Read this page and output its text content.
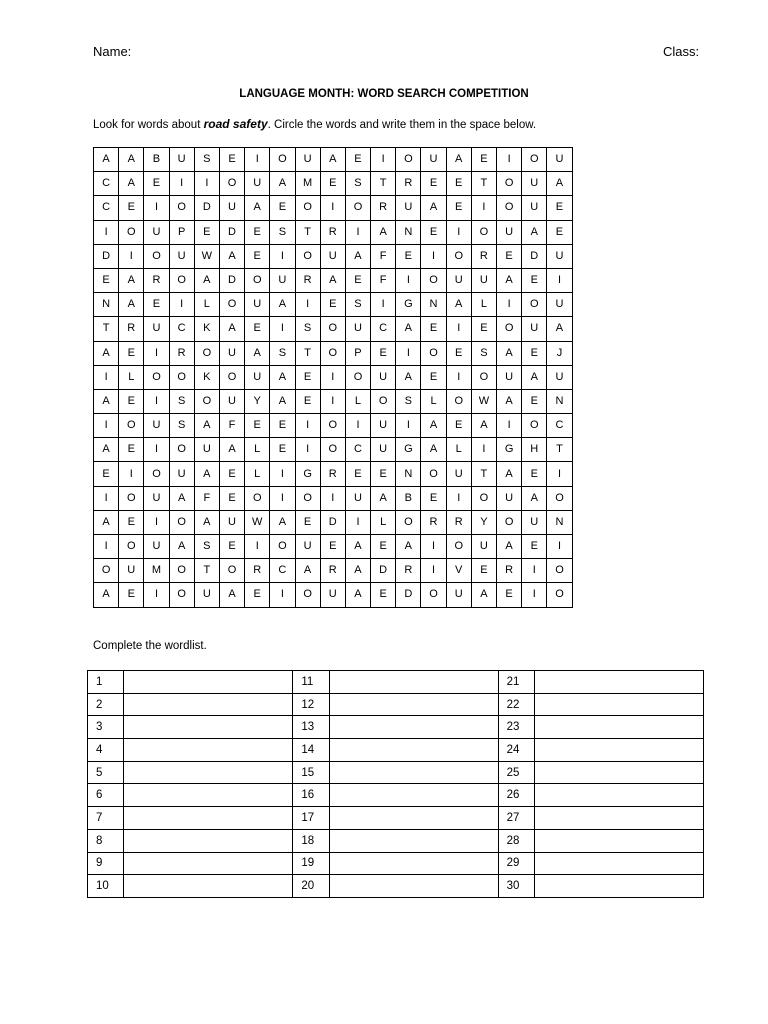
Name:	Class:
LANGUAGE MONTH: WORD SEARCH COMPETITION
Look for words about road safety. Circle the words and write them in the space below.
A	A	B	U	S	E	I	O	U	A	E	I	O	U	A	E	I	O	U
C	A	E	I	I	O	U	A	M	E	S	T	R	E	E	T	O	U	A
C	E	I	O	D	U	A	E	O	I	O	R	U	A	E	I	O	U	E
I	O	U	P	E	D	E	S	T	R	I	A	N	E	I	O	U	A	E
D	I	O	U	W	A	E	I	O	U	A	F	E	I	O	R	E	D	U
E	A	R	O	A	D	O	U	R	A	E	F	I	O	U	U	A	E	I
N	A	E	I	L	O	U	A	I	E	S	I	G	N	A	L	I	O	U
T	R	U	C	K	A	E	I	S	O	U	C	A	E	I	E	O	U	A
A	E	I	R	O	U	A	S	T	O	P	E	I	O	E	S	A	E	J
I	L	O	O	K	O	U	A	E	I	O	U	A	E	I	O	U	A	U
A	E	I	S	O	U	Y	A	E	I	L	O	S	L	O	W	A	E	N
I	O	U	S	A	F	E	E	I	O	I	U	I	A	E	A	I	O	C
A	E	I	O	U	A	L	E	I	O	C	U	G	A	L	I	G	H	T
E	I	O	U	A	E	L	I	G	R	E	E	N	O	U	T	A	E	I
I	O	U	A	F	E	O	I	O	I	U	A	B	E	I	O	U	A	O
A	E	I	O	A	U	W	A	E	D	I	L	O	R	R	Y	O	U	N
I	O	U	A	S	E	I	O	U	E	A	E	A	I	O	U	A	E	I
O	U	M	O	T	O	R	C	A	R	A	D	R	I	V	E	R	I	O
A	E	I	O	U	A	E	I	O	U	A	E	D	O	U	A	E	I	O
Complete the wordlist.
1		11		21	
2		12		22	
3		13		23	
4		14		24	
5		15		25	
6		16		26	
7		17		27	
8		18		28	
9		19		29	
10		20		30	
